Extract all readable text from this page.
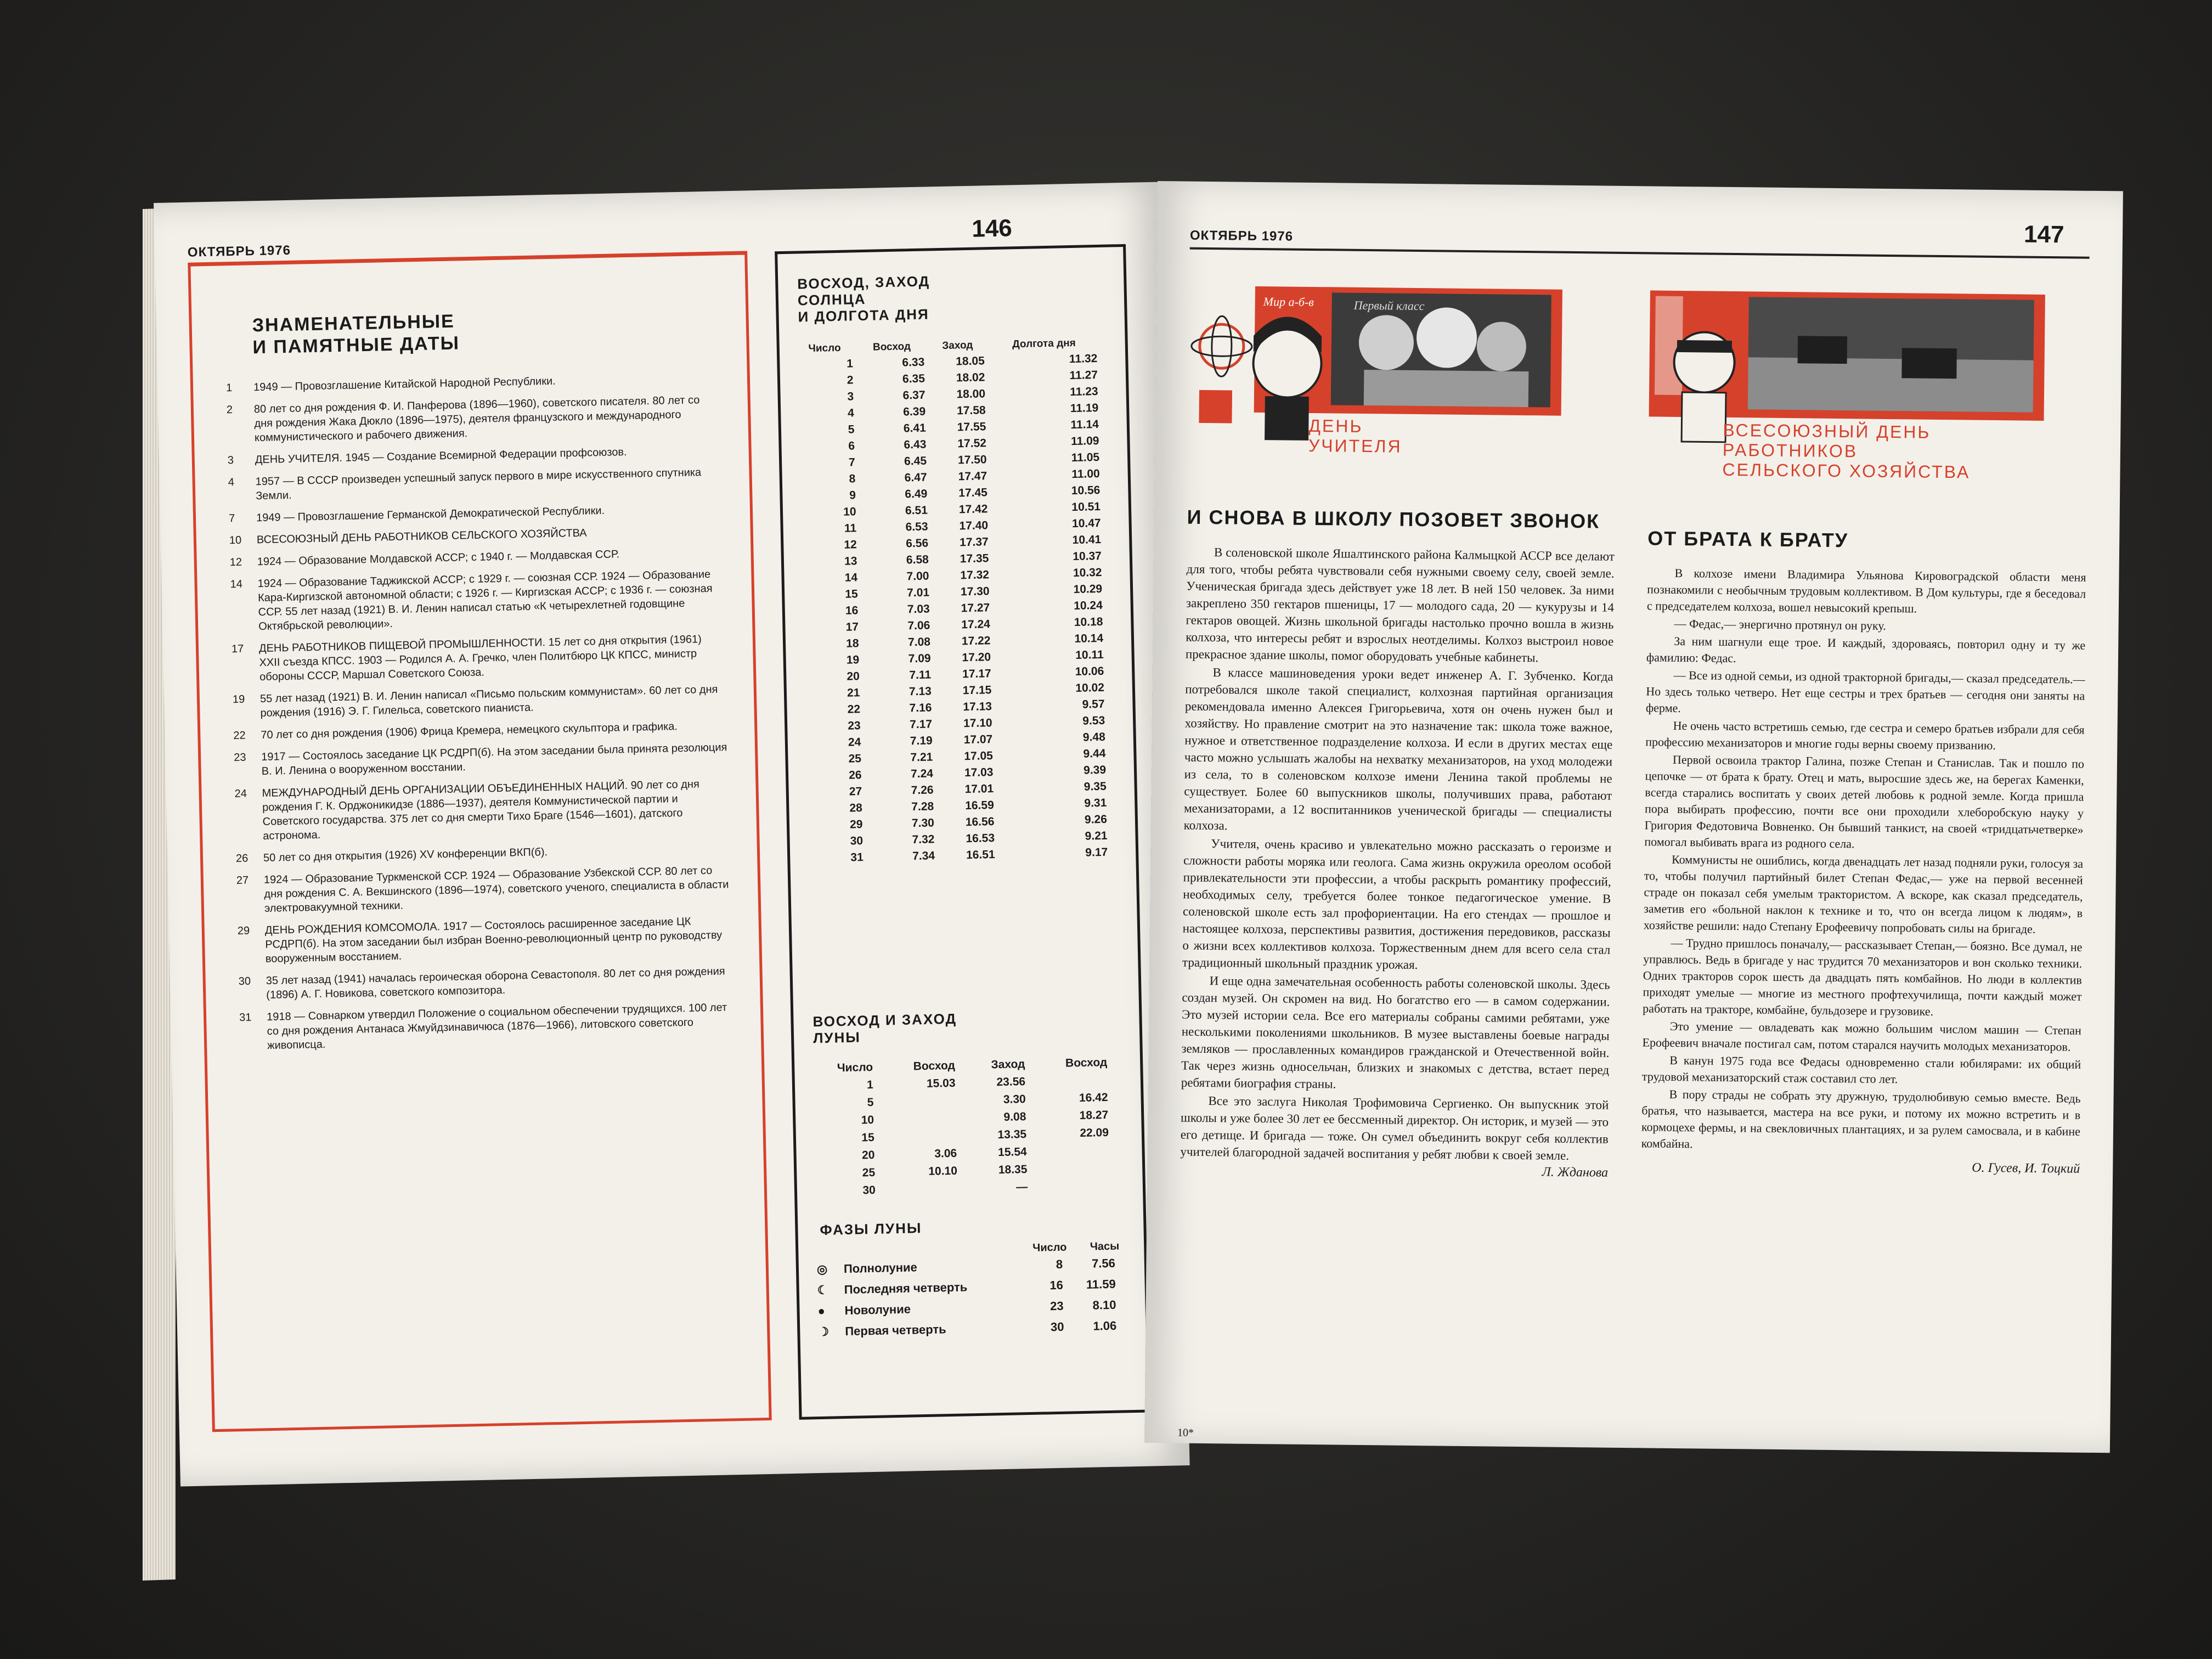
ОКТЯБРЬ 1976
146
ЗНАМЕНАТЕЛЬНЫЕ
И ПАМЯТНЫЕ ДАТЫ
1	1949 — Провозглашение Китайской Народной Республики.
2	80 лет со дня рождения Ф. И. Панферова (1896—1960), советского писателя. 80 лет со дня рождения Жака Дюкло (1896—1975), деятеля французского и международного коммунистического и рабочего движения.
3	ДЕНЬ УЧИТЕЛЯ. 1945 — Создание Всемирной Федерации профсоюзов.
4	1957 — В СССР произведен успешный запуск первого в мире искусственного спутника Земли.
7	1949 — Провозглашение Германской Демократической Республики.
10	ВСЕСОЮЗНЫЙ ДЕНЬ РАБОТНИКОВ СЕЛЬСКОГО ХОЗЯЙСТВА
12	1924 — Образование Молдавской АССР; с 1940 г. — Молдавская ССР.
14	1924 — Образование Таджикской АССР; с 1929 г. — союзная ССР. 1924 — Образование Кара-Киргизской автономной области; с 1926 г. — Киргизская АССР; с 1936 г. — союзная ССР. 55 лет назад (1921) В. И. Ленин написал статью «К четырехлетней годовщине Октябрьской революции».
17	ДЕНЬ РАБОТНИКОВ ПИЩЕВОЙ ПРОМЫШЛЕННОСТИ. 15 лет со дня открытия (1961) XXII съезда КПСС. 1903 — Родился А. А. Гречко, член Политбюро ЦК КПСС, министр обороны СССР, Маршал Советского Союза.
19	55 лет назад (1921) В. И. Ленин написал «Письмо польским коммунистам». 60 лет со дня рождения (1916) Э. Г. Гилельса, советского пианиста.
22	70 лет со дня рождения (1906) Фрица Кремера, немецкого скульптора и графика.
23	1917 — Состоялось заседание ЦК РСДРП(б). На этом заседании была принята резолюция В. И. Ленина о вооруженном восстании.
24	МЕЖДУНАРОДНЫЙ ДЕНЬ ОРГАНИЗАЦИИ ОБЪЕДИНЕННЫХ НАЦИЙ. 90 лет со дня рождения Г. К. Орджоникидзе (1886—1937), деятеля Коммунистической партии и Советского государства. 375 лет со дня смерти Тихо Браге (1546—1601), датского астронома.
26	50 лет со дня открытия (1926) XV конференции ВКП(б).
27	1924 — Образование Туркменской ССР. 1924 — Образование Узбекской ССР. 80 лет со дня рождения С. А. Векшинского (1896—1974), советского ученого, специалиста в области электровакуумной техники.
29	ДЕНЬ РОЖДЕНИЯ КОМСОМОЛА. 1917 — Состоялось расширенное заседание ЦК РСДРП(б). На этом заседании был избран Военно-революционный центр по руководству вооруженным восстанием.
30	35 лет назад (1941) началась героическая оборона Севастополя. 80 лет со дня рождения (1896) А. Г. Новикова, советского композитора.
31	1918 — Совнарком утвердил Положение о социальном обеспечении трудящихся. 100 лет со дня рождения Антанаса Жмуйдзинавичюса (1876—1966), литовского советского живописца.
ВОСХОД, ЗАХОД
СОЛНЦА
И ДОЛГОТА ДНЯ
Число	Восход	Заход	Долгота дня
1	6.33	18.05	11.32
2	6.35	18.02	11.27
3	6.37	18.00	11.23
4	6.39	17.58	11.19
5	6.41	17.55	11.14
6	6.43	17.52	11.09
7	6.45	17.50	11.05
8	6.47	17.47	11.00
9	6.49	17.45	10.56
10	6.51	17.42	10.51
11	6.53	17.40	10.47
12	6.56	17.37	10.41
13	6.58	17.35	10.37
14	7.00	17.32	10.32
15	7.01	17.30	10.29
16	7.03	17.27	10.24
17	7.06	17.24	10.18
18	7.08	17.22	10.14
19	7.09	17.20	10.11
20	7.11	17.17	10.06
21	7.13	17.15	10.02
22	7.16	17.13	9.57
23	7.17	17.10	9.53
24	7.19	17.07	9.48
25	7.21	17.05	9.44
26	7.24	17.03	9.39
27	7.26	17.01	9.35
28	7.28	16.59	9.31
29	7.30	16.56	9.26
30	7.32	16.53	9.21
31	7.34	16.51	9.17
ВОСХОД И ЗАХОД
ЛУНЫ
Число	Восход	Заход	Восход
1	15.03	23.56	
5		3.30	16.42
10		9.08	18.27
15		13.35	22.09
20	3.06	15.54	
25	10.10	18.35	
30		—	
ФАЗЫ ЛУНЫ
		Число	Часы
◎	Полнолуние	8	7.56
☾	Последняя четверть	16	11.59
●	Новолуние	23	8.10
☽	Первая четверть	30	1.06
ОКТЯБРЬ 1976	147
Мир а-б-в	Первый класс
ДЕНЬ
УЧИТЕЛЯ
ВСЕСОЮЗНЫЙ ДЕНЬ
РАБОТНИКОВ
СЕЛЬСКОГО ХОЗЯЙСТВА
И СНОВА В ШКОЛУ ПОЗОВЕТ ЗВОНОК

В соленовской школе Яшалтинского района Калмыцкой АССР все делают для того, чтобы ребята чувствовали себя нужными своему селу, своей земле. Ученическая бригада здесь действует уже 18 лет. В ней 150 человек. За ними закреплено 350 гектаров пшеницы, 17 — молодого сада, 20 — кукурузы и 14 гектаров овощей. Жизнь школьной бригады настолько прочно вошла в жизнь колхоза, что интересы ребят и взрослых неотделимы. Колхоз выстроил новое прекрасное здание школы, помог оборудовать учебные кабинеты.

В классе машиноведения уроки ведет инженер А. Г. Зубченко. Когда потребовался школе такой специалист, колхозная партийная организация рекомендовала именно Алексея Григорьевича, хотя он очень нужен был и хозяйству. Но правление смотрит на это назначение так: школа тоже важное, нужное и ответственное подразделение колхоза. И если в других местах еще часто можно услышать жалобы на нехватку механизаторов, на уход молодежи из села, то в соленовском колхозе имени Ленина такой проблемы не существует. Более 60 выпускников школы, получивших права, работают механизаторами, а 12 воспитанников ученической бригады — специалисты колхоза.

Учителя, очень красиво и увлекательно можно рассказать о героизме и сложности работы моряка или геолога. Сама жизнь окружила ореолом особой привлекательности эти профессии, а чтобы раскрыть романтику профессий, необходимых селу, требуется более тонкое педагогическое умение. В соленовской школе есть зал профориентации. На его стендах — прошлое и настоящее колхоза, перспективы развития, достижения передовиков, рассказы о жизни всех коллективов колхоза. Торжественным днем для всего села стал традиционный школьный праздник урожая.

И еще одна замечательная особенность работы соленовской школы. Здесь создан музей. Он скромен на вид. Но богатство его — в самом содержании. Это музей истории села. Все его материалы собраны самими ребятами, уже несколькими поколениями школьников. В музее выставлены боевые награды земляков — прославленных командиров гражданской и Отечественной войн. Так через жизнь односельчан, близких и знакомых с детства, встает перед ребятами биография страны.

Все это заслуга Николая Трофимовича Сергиенко. Он выпускник этой школы и уже более 30 лет ее бессменный директор. Он историк, и музей — это его детище. И бригада — тоже. Он сумел объединить вокруг себя коллектив учителей благородной задачей воспитания у ребят любви к своей земле.

Л. Жданова
ОТ БРАТА К БРАТУ

В колхозе имени Владимира Ульянова Кировоградской области меня познакомили с необычным трудовым коллективом. В Дом культуры, где я беседовал с председателем колхоза, вошел невысокий крепыш.

— Федас,— энергично протянул он руку.

За ним шагнули еще трое. И каждый, здороваясь, повторил одну и ту же фамилию: Федас.

— Все из одной семьи, из одной тракторной бригады,— сказал председатель.— Но здесь только четверо. Нет еще сестры и трех братьев — сегодня они заняты на ферме.

Не очень часто встретишь семью, где сестра и семеро братьев избрали для себя профессию механизаторов и многие годы верны своему призванию.

Первой освоила трактор Галина, позже Степан и Станислав. Так и пошло по цепочке — от брата к брату. Отец и мать, выросшие здесь же, на берегах Каменки, всегда старались воспитать у своих детей любовь к родной земле. Когда пришла пора выбирать профессию, почти все они проходили хлеборобскую науку у Григория Федотовича Вовненко. Он бывший танкист, на своей «тридцатьчетверке» помогал выбивать врага из родного села.

Коммунисты не ошиблись, когда двенадцать лет назад подняли руки, голосуя за то, чтобы получил партийный билет Степан Федас,— уже на первой весенней страде он показал себя умелым трактористом. А вскоре, как сказал председатель, заметив его «больной наклон к технике и то, что он всегда лицом к людям», в хозяйстве решили: надо Степану Ерофеевичу попробовать силы на бригаде.

— Трудно пришлось поначалу,— рассказывает Степан,— боязно. Все думал, не управлюсь. Ведь в бригаде у нас трудится 70 механизаторов и вон сколько техники. Одних тракторов сорок шесть да двадцать пять комбайнов. Но люди в коллектив приходят умелые — многие из местного профтехучилища, почти каждый может работать на тракторе, комбайне, бульдозере и грузовике.

Это умение — овладевать как можно большим числом машин — Степан Ерофеевич вначале постигал сам, потом старался научить молодых механизаторов.

В канун 1975 года все Федасы одновременно стали юбилярами: их общий трудовой механизаторский стаж составил сто лет.

В пору страды не собрать эту дружную, трудолюбивую семью вместе. Ведь братья, что называется, мастера на все руки, и потому их можно встретить и в кормоцехе фермы, и на свекловичных плантациях, и за рулем самосвала, и в кабине комбайна.

О. Гусев, И. Тоцкий
10*
